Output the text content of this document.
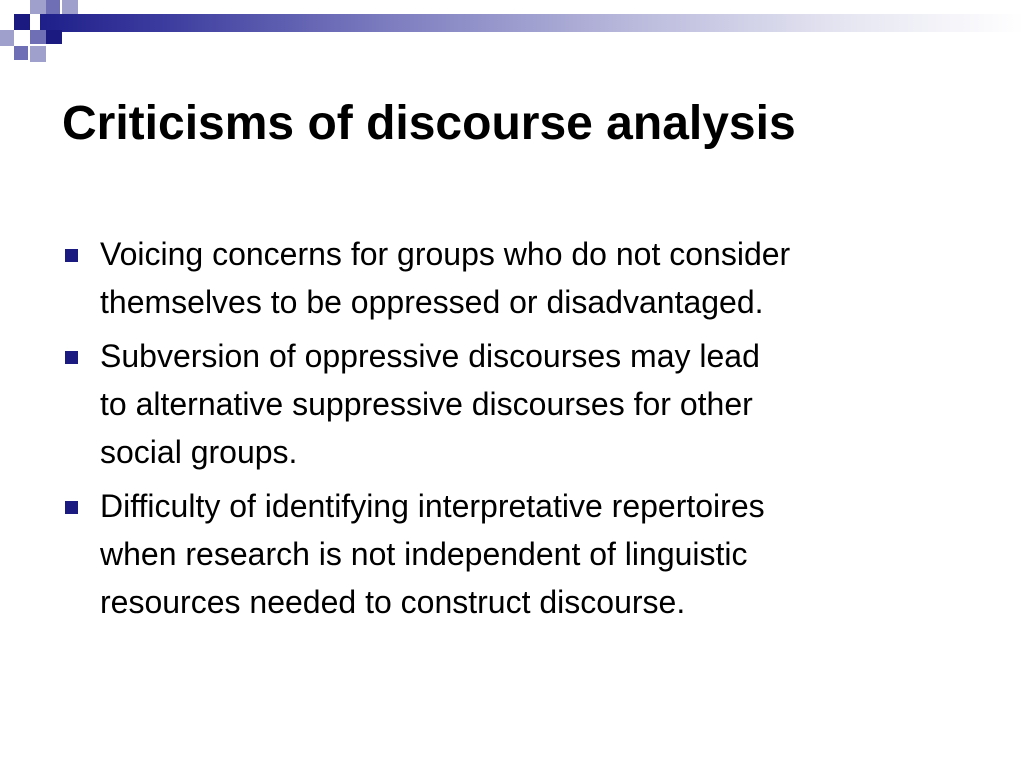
Criticisms of discourse analysis
Voicing concerns for groups who do not consider
themselves to be oppressed or disadvantaged.
Subversion of oppressive discourses may lead
to alternative suppressive discourses for other
social groups.
Difficulty of identifying interpretative repertoires
when research is not independent of linguistic
resources needed to construct discourse.
